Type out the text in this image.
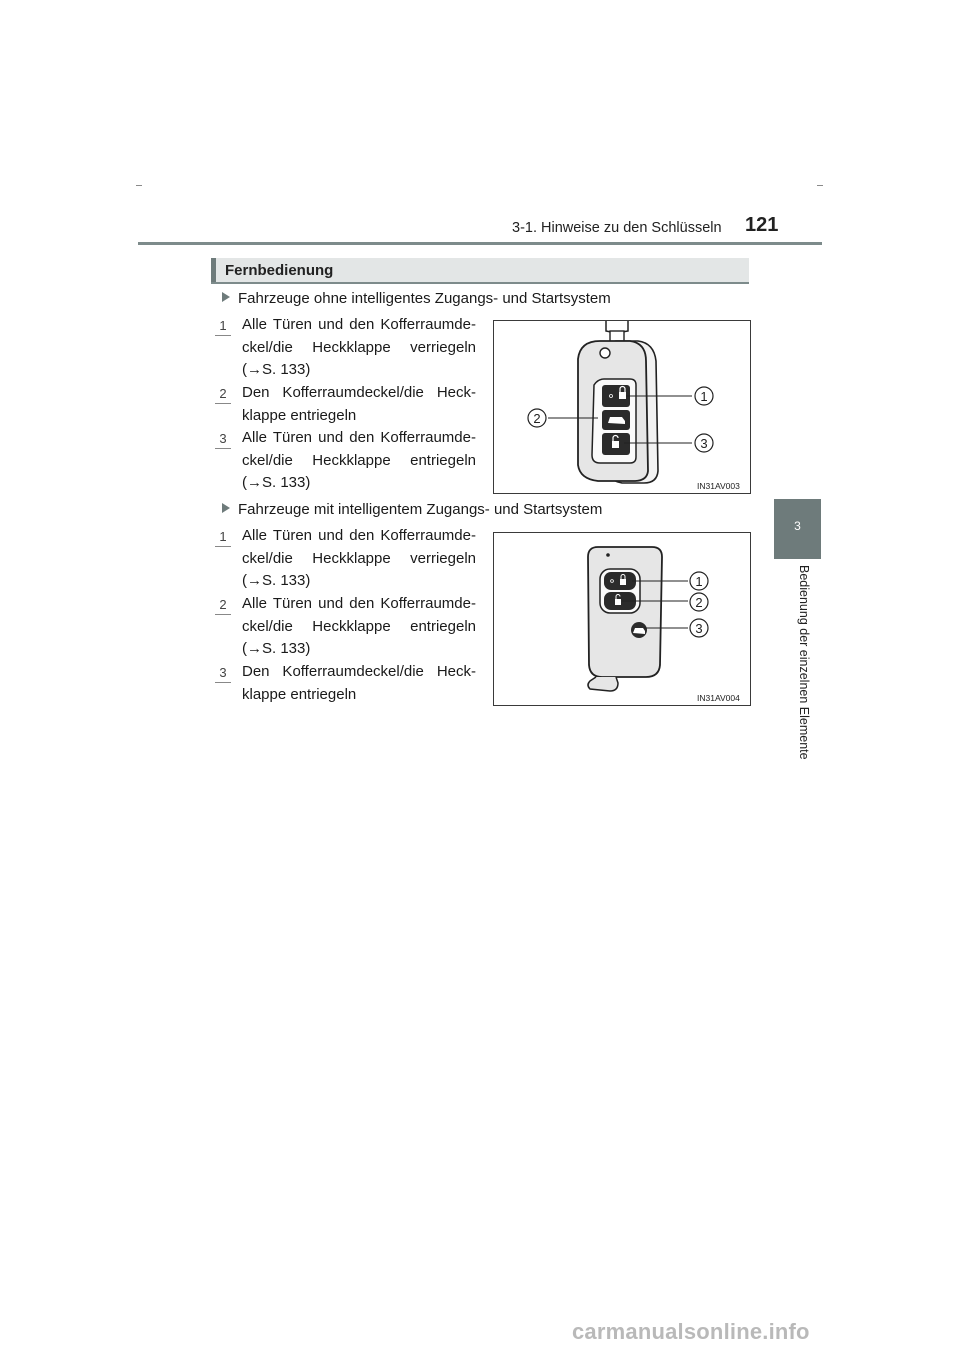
3-1. Hinweise zu den Schlüsseln 121
3
Bedienung der einzelnen Elemente
Fernbedienung
Fahrzeuge ohne intelligentes Zugangs- und Startsystem
1 Alle Türen und den Kofferraumde-ckel/die Heckklappe verriegeln (→S. 133)
2 Den Kofferraumdeckel/die Heck-klappe entriegeln
3 Alle Türen und den Kofferraumde-ckel/die Heckklappe entriegeln (→S. 133)
1
2
3
IN31AV003
Fahrzeuge mit intelligentem Zugangs- und Startsystem
1 Alle Türen und den Kofferraumde-ckel/die Heckklappe verriegeln (→S. 133)
2 Alle Türen und den Kofferraumde-ckel/die Heckklappe entriegeln (→S. 133)
3 Den Kofferraumdeckel/die Heck-klappe entriegeln
1
2
3
IN31AV004
carmanualsonline.info
